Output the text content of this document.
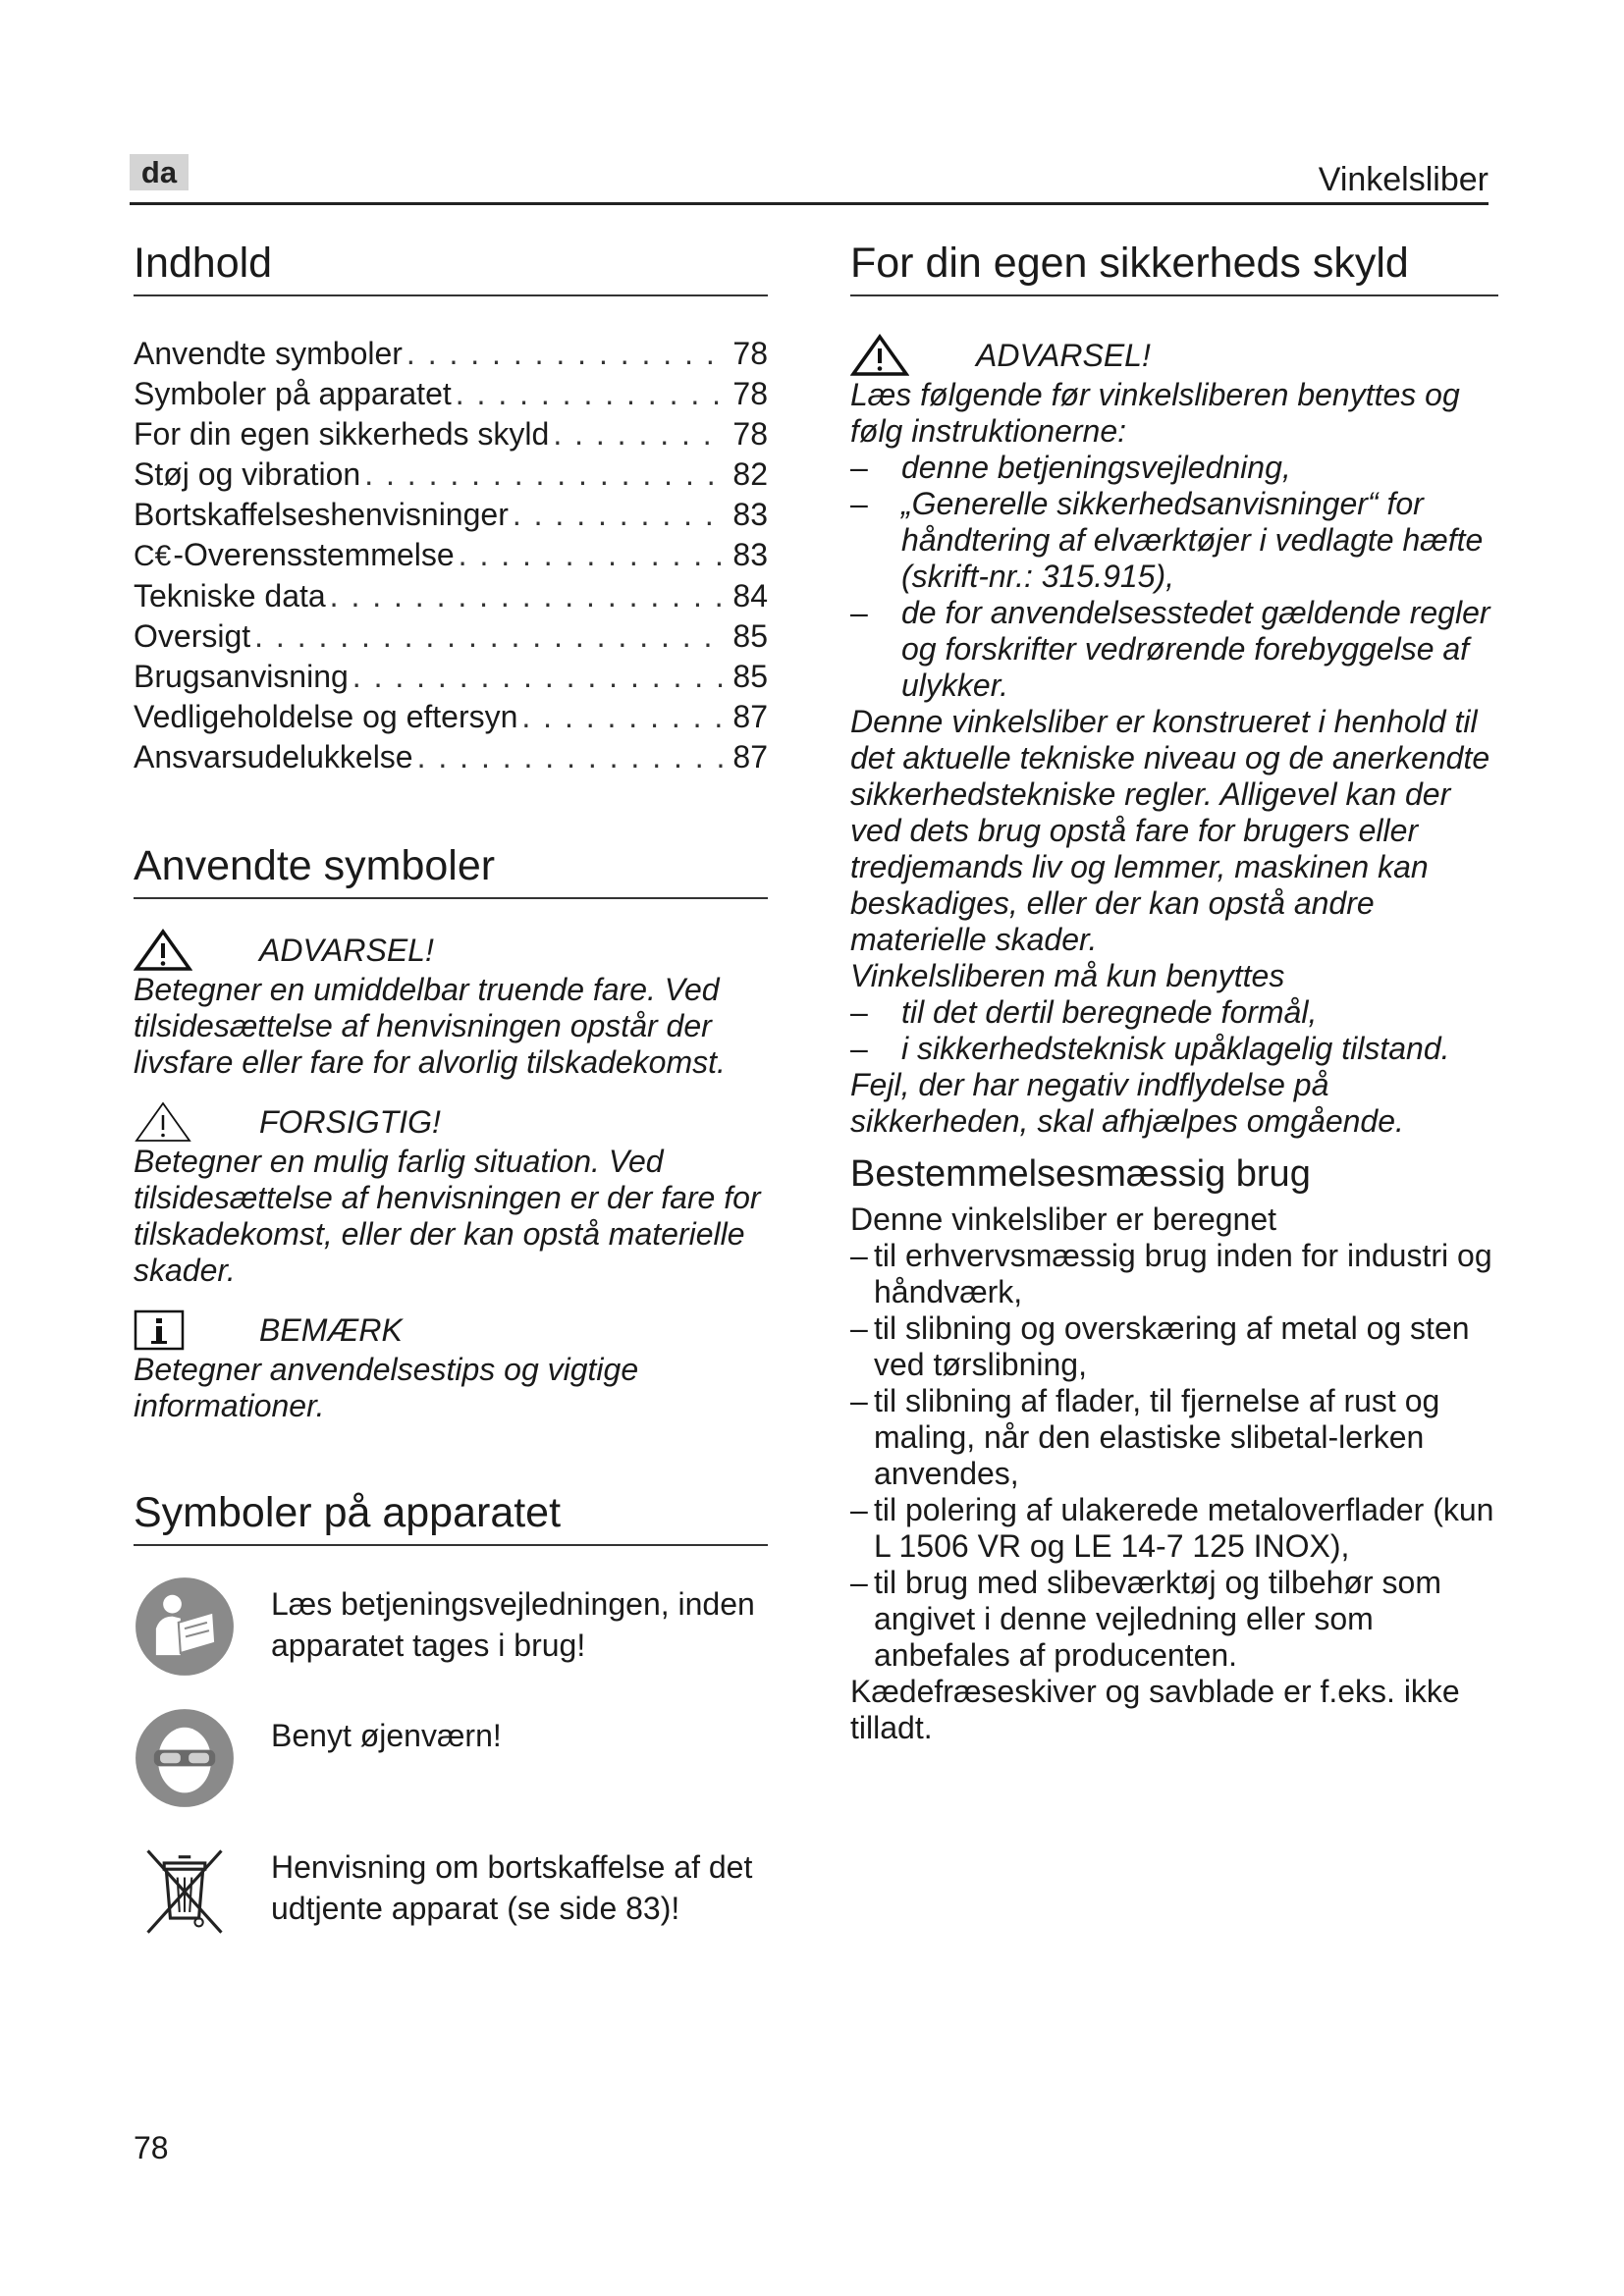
da	Vinkelsliber
Indhold
Anvendte symboler . . .	78
Symboler på apparatet . . .	78
For din egen sikkerheds skyld . . .	78
Støj og vibration . . .	82
Bortskaffelseshenvisninger . . .	83
C€ -Overensstemmelse . . .	83
Tekniske data . . .	84
Oversigt . . .	85
Brugsanvisning . . .	85
Vedligeholdelse og eftersyn . . .	87
Ansvarsudelukkelse . . .	87
Anvendte symboler
ADVARSEL!

Betegner en umiddelbar truende fare. Ved tilsidesættelse af henvisningen opstår der livsfare eller fare for alvorlig tilskadekomst.

FORSIGTIG!

Betegner en mulig farlig situation. Ved tilsidesættelse af henvisningen er der fare for tilskadekomst, eller der kan opstå materielle skader.

BEMÆRK

Betegner anvendelsestips og vigtige informationer.

Symboler på apparatet
Læs betjeningsvejledningen, inden apparatet tages i brug!
Benyt øjenværn!
Henvisning om bortskaffelse af det udtjente apparat (se side 83)!
For din egen sikkerheds skyld
ADVARSEL!

Læs følgende før vinkelsliberen benyttes og følg instruktionerne:

–	denne betjeningsvejledning,
–	„Generelle sikkerhedsanvisninger“ for håndtering af elværktøjer i vedlagte hæfte (skrift-nr.: 315.915),
–	de for anvendelsesstedet gældende regler og forskrifter vedrørende forebyggelse af ulykker.

Denne vinkelsliber er konstrueret i henhold til det aktuelle tekniske niveau og de anerkendte sikkerhedstekniske regler. Alligevel kan der ved dets brug opstå fare for brugers eller tredjemands liv og lemmer, maskinen kan beskadiges, eller der kan opstå andre materielle skader.

Vinkelsliberen må kun benyttes

–	til det dertil beregnede formål,
–	i sikkerhedsteknisk upåklagelig tilstand.

Fejl, der har negativ indflydelse på sikkerheden, skal afhjælpes omgående.

Bestemmelsesmæssig brug

Denne vinkelsliber er beregnet

– til erhvervsmæssig brug inden for industri og håndværk,
– til slibning og overskæring af metal og sten ved tørslibning,
– til slibning af flader, til fjernelse af rust og maling, når den elastiske slibetal-lerken anvendes,
– til polering af ulakerede metaloverflader (kun L 1506 VR og LE 14-7 125 INOX),
– til brug med slibeværktøj og tilbehør som angivet i denne vejledning eller som anbefales af producenten.

Kædefræseskiver og savblade er f.eks. ikke tilladt.

78
